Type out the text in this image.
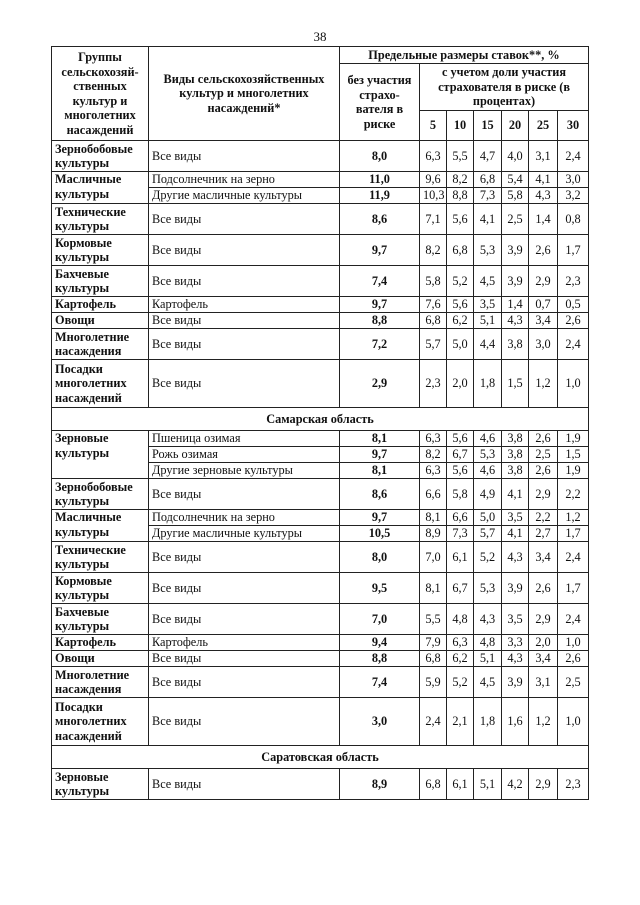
38
Группы сельскохозяй-ственных культур и многолетних насаждений	Виды сельскохозяйственных культур и многолетних насаждений*	Предельные размеры ставок**, %						
		без участия страхо-вателя в риске	с учетом доли участия страхователя в риске (в процентах)					
			5	10	15	20	25	30
Зернобобовые культуры	Все виды	8,0	6,3	5,5	4,7	4,0	3,1	2,4
Масличные культуры	Подсолнечник на зерно	11,0	9,6	8,2	6,8	5,4	4,1	3,0
	Другие масличные культуры	11,9	10,3	8,8	7,3	5,8	4,3	3,2
Технические культуры	Все виды	8,6	7,1	5,6	4,1	2,5	1,4	0,8
Кормовые культуры	Все виды	9,7	8,2	6,8	5,3	3,9	2,6	1,7
Бахчевые культуры	Все виды	7,4	5,8	5,2	4,5	3,9	2,9	2,3
Картофель	Картофель	9,7	7,6	5,6	3,5	1,4	0,7	0,5
Овощи	Все виды	8,8	6,8	6,2	5,1	4,3	3,4	2,6
Многолетние насаждения	Все виды	7,2	5,7	5,0	4,4	3,8	3,0	2,4
Посадки многолетних насаждений	Все виды	2,9	2,3	2,0	1,8	1,5	1,2	1,0
Самарская область								
Зерновые культуры	Пшеница озимая	8,1	6,3	5,6	4,6	3,8	2,6	1,9
	Рожь озимая	9,7	8,2	6,7	5,3	3,8	2,5	1,5
	Другие зерновые культуры	8,1	6,3	5,6	4,6	3,8	2,6	1,9
Зернобобовые культуры	Все виды	8,6	6,6	5,8	4,9	4,1	2,9	2,2
Масличные культуры	Подсолнечник на зерно	9,7	8,1	6,6	5,0	3,5	2,2	1,2
	Другие масличные культуры	10,5	8,9	7,3	5,7	4,1	2,7	1,7
Технические культуры	Все виды	8,0	7,0	6,1	5,2	4,3	3,4	2,4
Кормовые культуры	Все виды	9,5	8,1	6,7	5,3	3,9	2,6	1,7
Бахчевые культуры	Все виды	7,0	5,5	4,8	4,3	3,5	2,9	2,4
Картофель	Картофель	9,4	7,9	6,3	4,8	3,3	2,0	1,0
Овощи	Все виды	8,8	6,8	6,2	5,1	4,3	3,4	2,6
Многолетние насаждения	Все виды	7,4	5,9	5,2	4,5	3,9	3,1	2,5
Посадки многолетних насаждений	Все виды	3,0	2,4	2,1	1,8	1,6	1,2	1,0
Саратовская область								
Зерновые культуры	Все виды	8,9	6,8	6,1	5,1	4,2	2,9	2,3
